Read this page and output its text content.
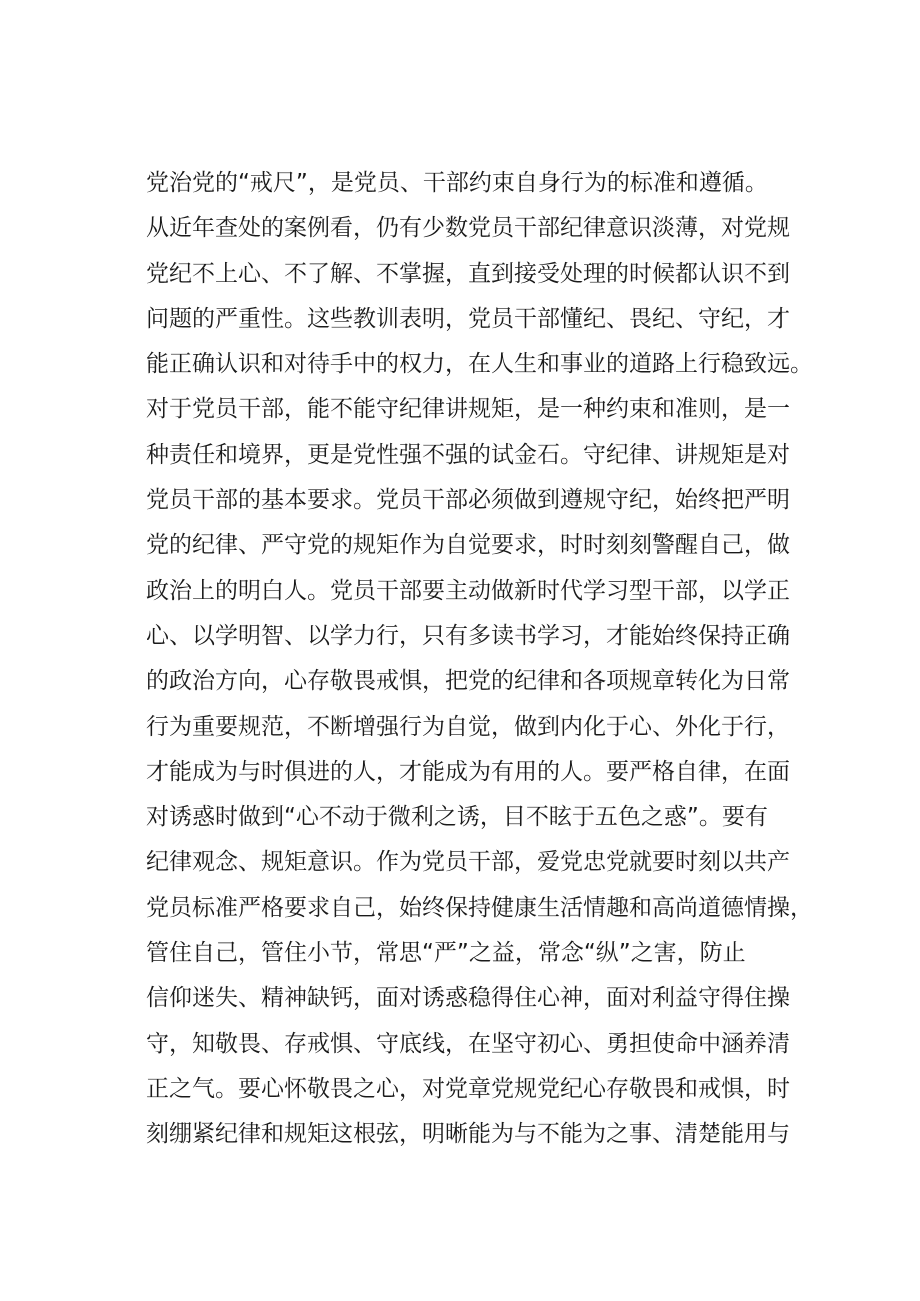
党治党的“戒尺”，是党员、干部约束自身行为的标准和遵循。
从近年查处的案例看，仍有少数党员干部纪律意识淡薄，对党规
党纪不上心、不了解、不掌握，直到接受处理的时候都认识不到
问题的严重性。这些教训表明，党员干部懂纪、畏纪、守纪，才
能正确认识和对待手中的权力，在人生和事业的道路上行稳致远。
对于党员干部，能不能守纪律讲规矩，是一种约束和准则，是一
种责任和境界，更是党性强不强的试金石。守纪律、讲规矩是对
党员干部的基本要求。党员干部必须做到遵规守纪，始终把严明
党的纪律、严守党的规矩作为自觉要求，时时刻刻警醒自己，做
政治上的明白人。党员干部要主动做新时代学习型干部，以学正
心、以学明智、以学力行，只有多读书学习，才能始终保持正确
的政治方向，心存敬畏戒惧，把党的纪律和各项规章转化为日常
行为重要规范，不断增强行为自觉，做到内化于心、外化于行，
才能成为与时俱进的人，才能成为有用的人。要严格自律，在面
对诱惑时做到“心不动于微利之诱，目不眩于五色之惑”。要有
纪律观念、规矩意识。作为党员干部，爱党忠党就要时刻以共产
党员标准严格要求自己，始终保持健康生活情趣和高尚道德情操，
管住自己，管住小节，常思“严”之益，常念“纵”之害，防止
信仰迷失、精神缺钙，面对诱惑稳得住心神，面对利益守得住操
守，知敬畏、存戒惧、守底线，在坚守初心、勇担使命中涵养清
正之气。要心怀敬畏之心，对党章党规党纪心存敬畏和戒惧，时
刻绷紧纪律和规矩这根弦，明晰能为与不能为之事、清楚能用与
